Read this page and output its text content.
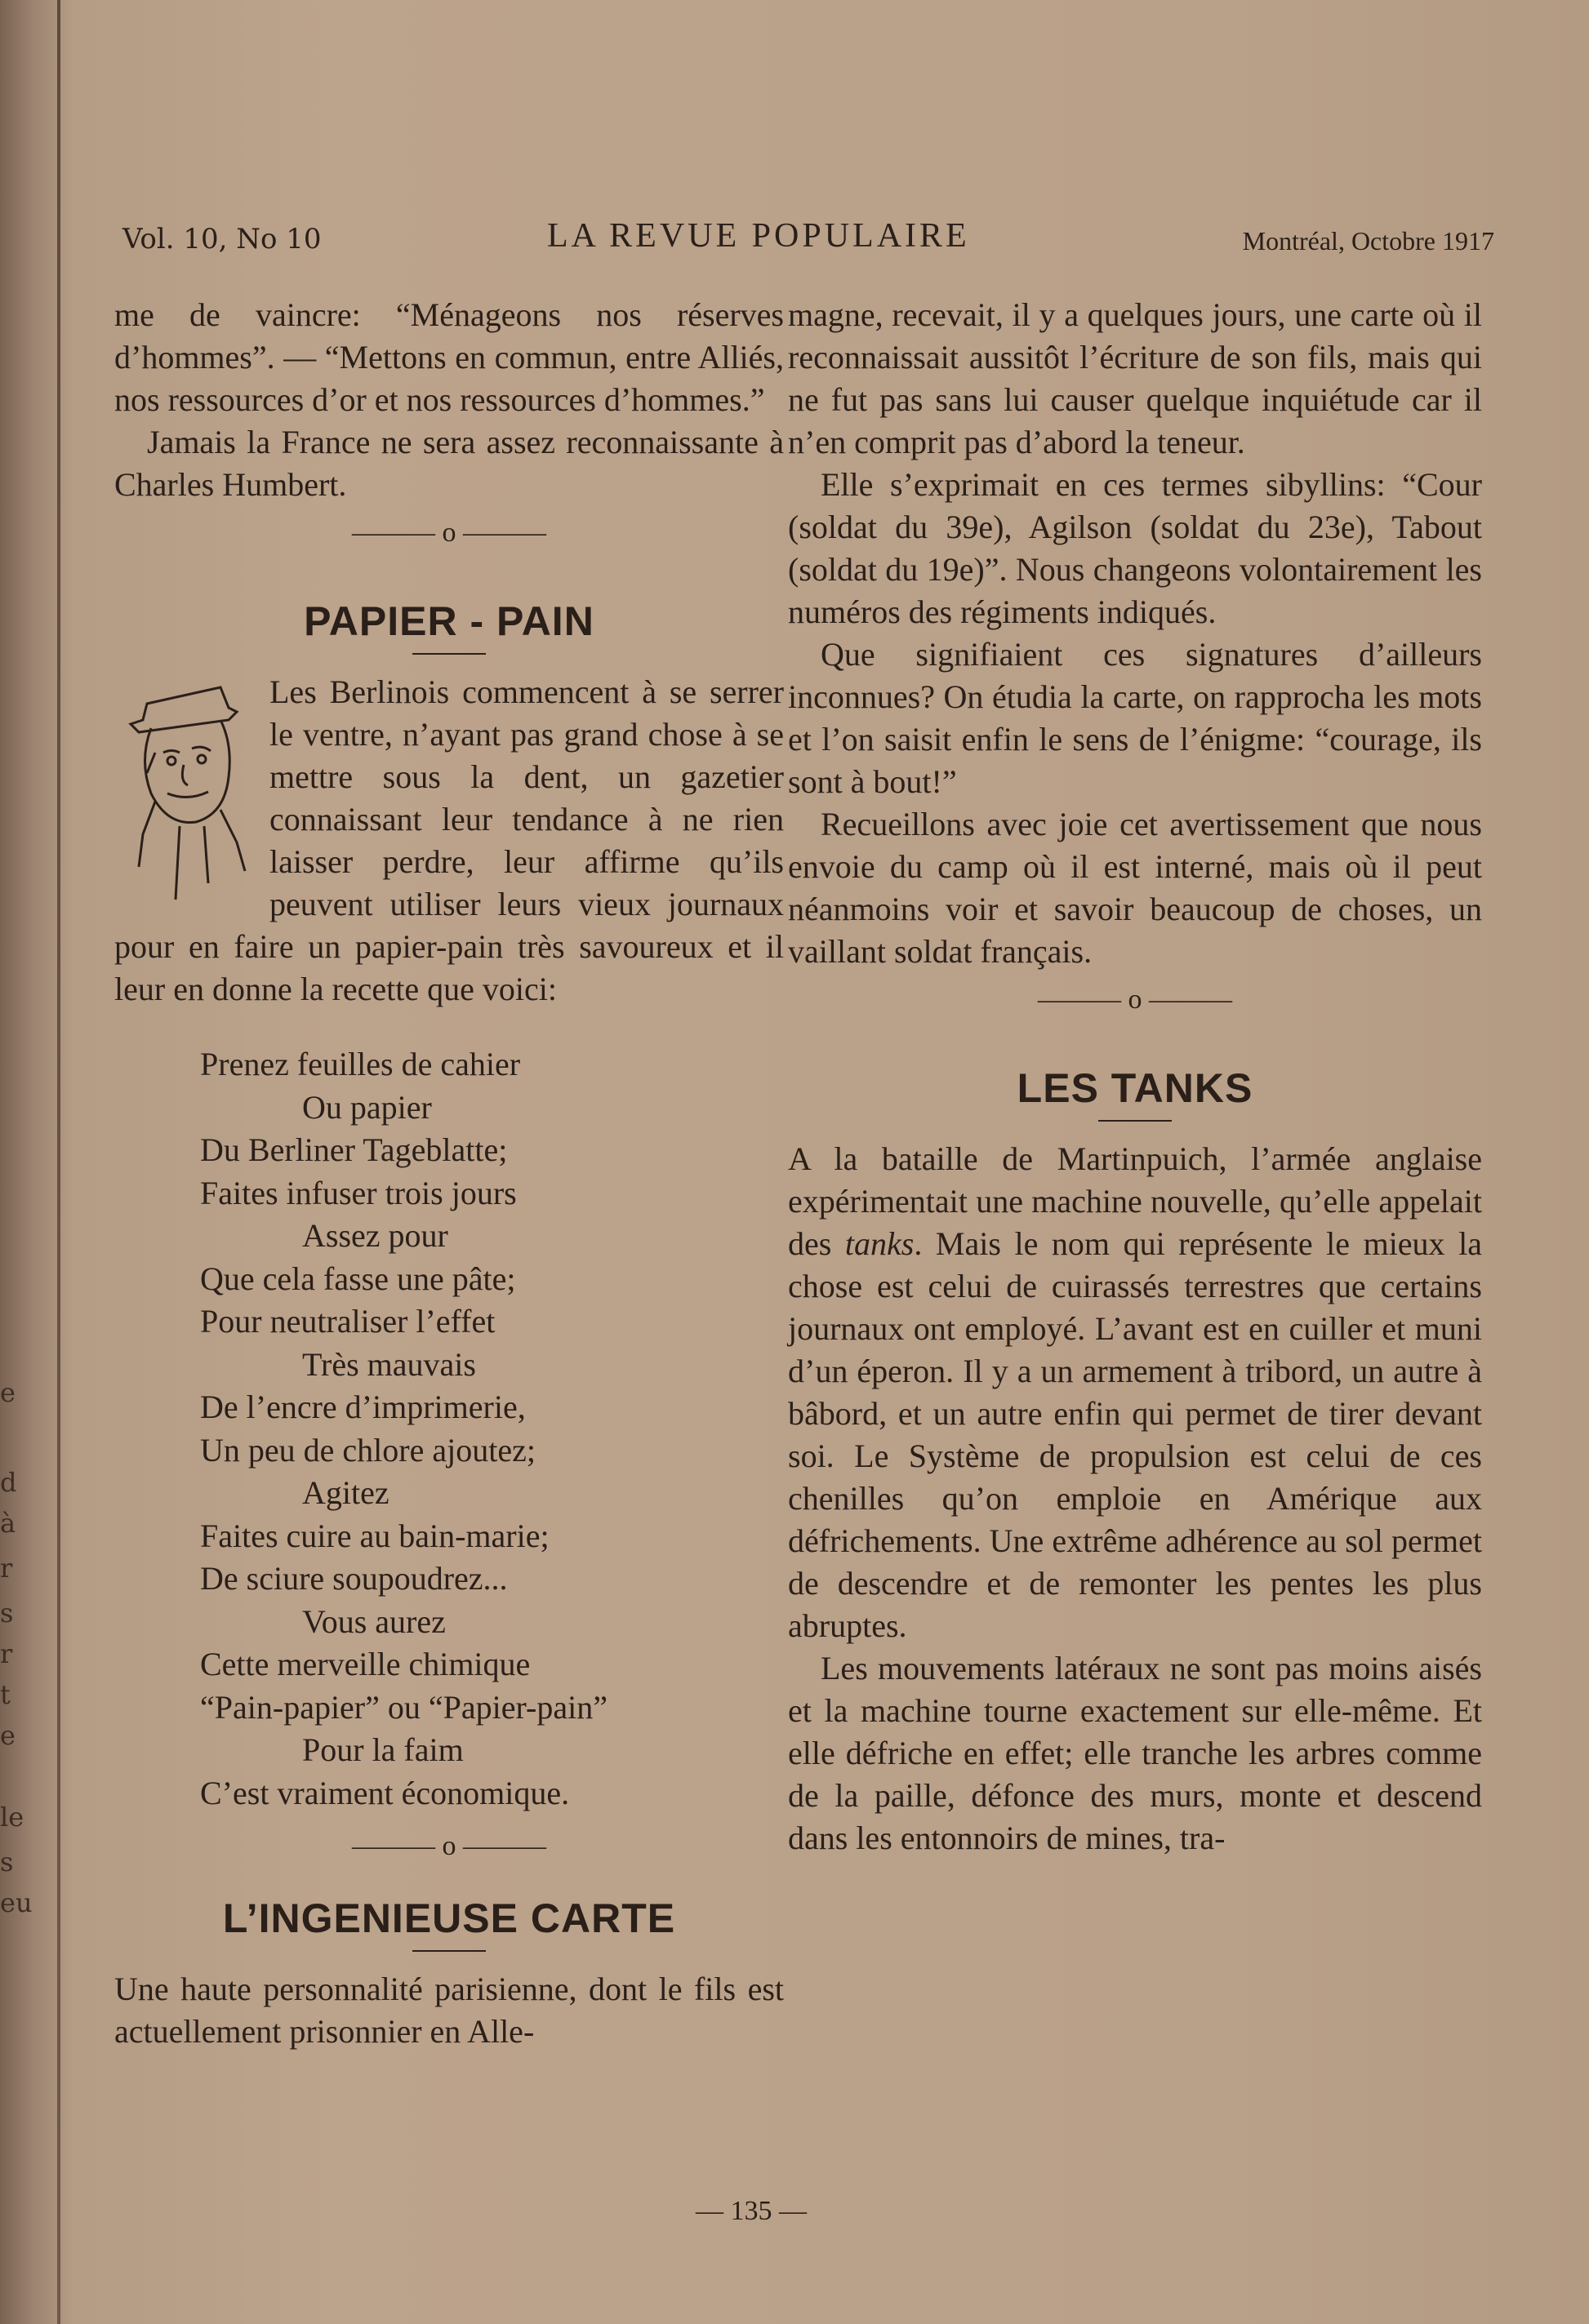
e
d
à
r
s
r
t
e
le
s
eu
Vol. 10, No 10	LA REVUE POPULAIRE	Montréal, Octobre 1917

me de vaincre: “Ménageons nos réserves d’hommes”. — “Mettons en commun, entre Alliés, nos ressources d’or et nos ressources d’hommes.”

Jamais la France ne sera assez reconnaissante à Charles Humbert.

——— o ———
PAPIER - PAIN

Les Berlinois commencent à se serrer le ventre, n’ayant pas grand chose à se mettre sous la dent, un gazetier connaissant leur tendance à ne rien laisser perdre, leur affirme qu’ils peuvent utiliser leurs vieux journaux pour en faire un papier-pain très savoureux et il leur en donne la recette que voici:

Prenez feuilles de cahier
Ou papier
Du Berliner Tageblatte;
Faites infuser trois jours
Assez pour
Que cela fasse une pâte;
Pour neutraliser l’effet
Très mauvais
De l’encre d’imprimerie,
Un peu de chlore ajoutez;
Agitez
Faites cuire au bain-marie;
De sciure soupoudrez...
Vous aurez
Cette merveille chimique
“Pain-papier” ou “Papier-pain”
Pour la faim
C’est vraiment économique.
——— o ———
L’INGENIEUSE CARTE

Une haute personnalité parisienne, dont le fils est actuellement prisonnier en Alle-

magne, recevait, il y a quelques jours, une carte où il reconnaissait aussitôt l’écriture de son fils, mais qui ne fut pas sans lui causer quelque inquiétude car il n’en comprit pas d’abord la teneur.

Elle s’exprimait en ces termes sibyllins: “Cour (soldat du 39e), Agilson (soldat du 23e), Tabout (soldat du 19e)”. Nous changeons volontairement les numéros des régiments indiqués.

Que signifiaient ces signatures d’ailleurs inconnues? On étudia la carte, on rapprocha les mots et l’on saisit enfin le sens de l’énigme: “courage, ils sont à bout!”

Recueillons avec joie cet avertissement que nous envoie du camp où il est interné, mais où il peut néanmoins voir et savoir beaucoup de choses, un vaillant soldat français.

——— o ———
LES TANKS

A la bataille de Martinpuich, l’armée anglaise expérimentait une machine nouvelle, qu’elle appelait des tanks. Mais le nom qui représente le mieux la chose est celui de cuirassés terrestres que certains journaux ont employé. L’avant est en cuiller et muni d’un éperon. Il y a un armement à tribord, un autre à bâbord, et un autre enfin qui permet de tirer devant soi. Le Système de propulsion est celui de ces chenilles qu’on emploie en Amérique aux défrichements. Une extrême adhérence au sol permet de descendre et de remonter les pentes les plus abruptes.

Les mouvements latéraux ne sont pas moins aisés et la machine tourne exactement sur elle-même. Et elle défriche en effet; elle tranche les arbres comme de la paille, défonce des murs, monte et descend dans les entonnoirs de mines, tra-

— 135 —
